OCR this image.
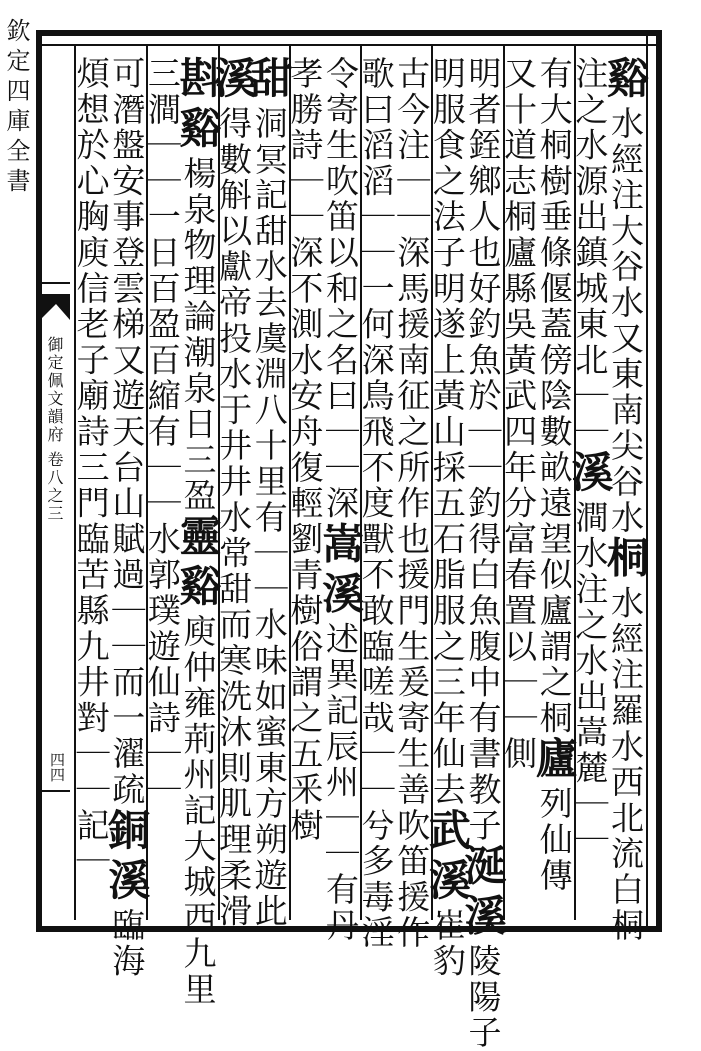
欽定四庫全書
御定佩文韻府 卷八之三
四四
谿水經注大谷水又東南尖谷水桐水經注羅水西北流白桐
注之水源出鎮城東北｜｜溪澗水注之水出嵩麓｜｜
有大桐樹垂條偃蓋傍陰數畝遠望似廬謂之桐廬列仙傳
又十道志桐廬縣吳黃武四年分富春置以｜｜側
明者銍鄉人也好釣魚於｜｜釣得白魚腹中有書教子涎溪陵陽子
明服食之法子明遂上黃山採五石脂服之三年仙去武溪崔豹
古今注｜｜深馬援南征之所作也援門生爰寄生善吹笛援作
歌曰滔滔｜｜一何深鳥飛不度獸不敢臨嗟哉｜｜兮多毒淫
令寄生吹笛以和之名曰｜｜深嵩溪述異記辰州｜｜有丹
孝勝詩｜｜深不測水安舟復輕劉青樹俗謂之五釆樹
甜洞冥記甜水去虞淵八十里有｜｜水味如蜜東方朔遊此
溪得數斛以獻帝投水于井井水常甜而寒洗沐則肌理柔滑
斟谿楊泉物理論潮泉日三盈靈谿庾仲雍荊州記大城西九里
三澗｜｜一日百盈百縮有｜｜水郭璞遊仙詩｜｜
可潛盤安事登雲梯又遊天台山賦過｜｜而一濯疏銅溪臨海
煩想於心胸庾信老子廟詩三門臨苦縣九井對｜｜記｜
